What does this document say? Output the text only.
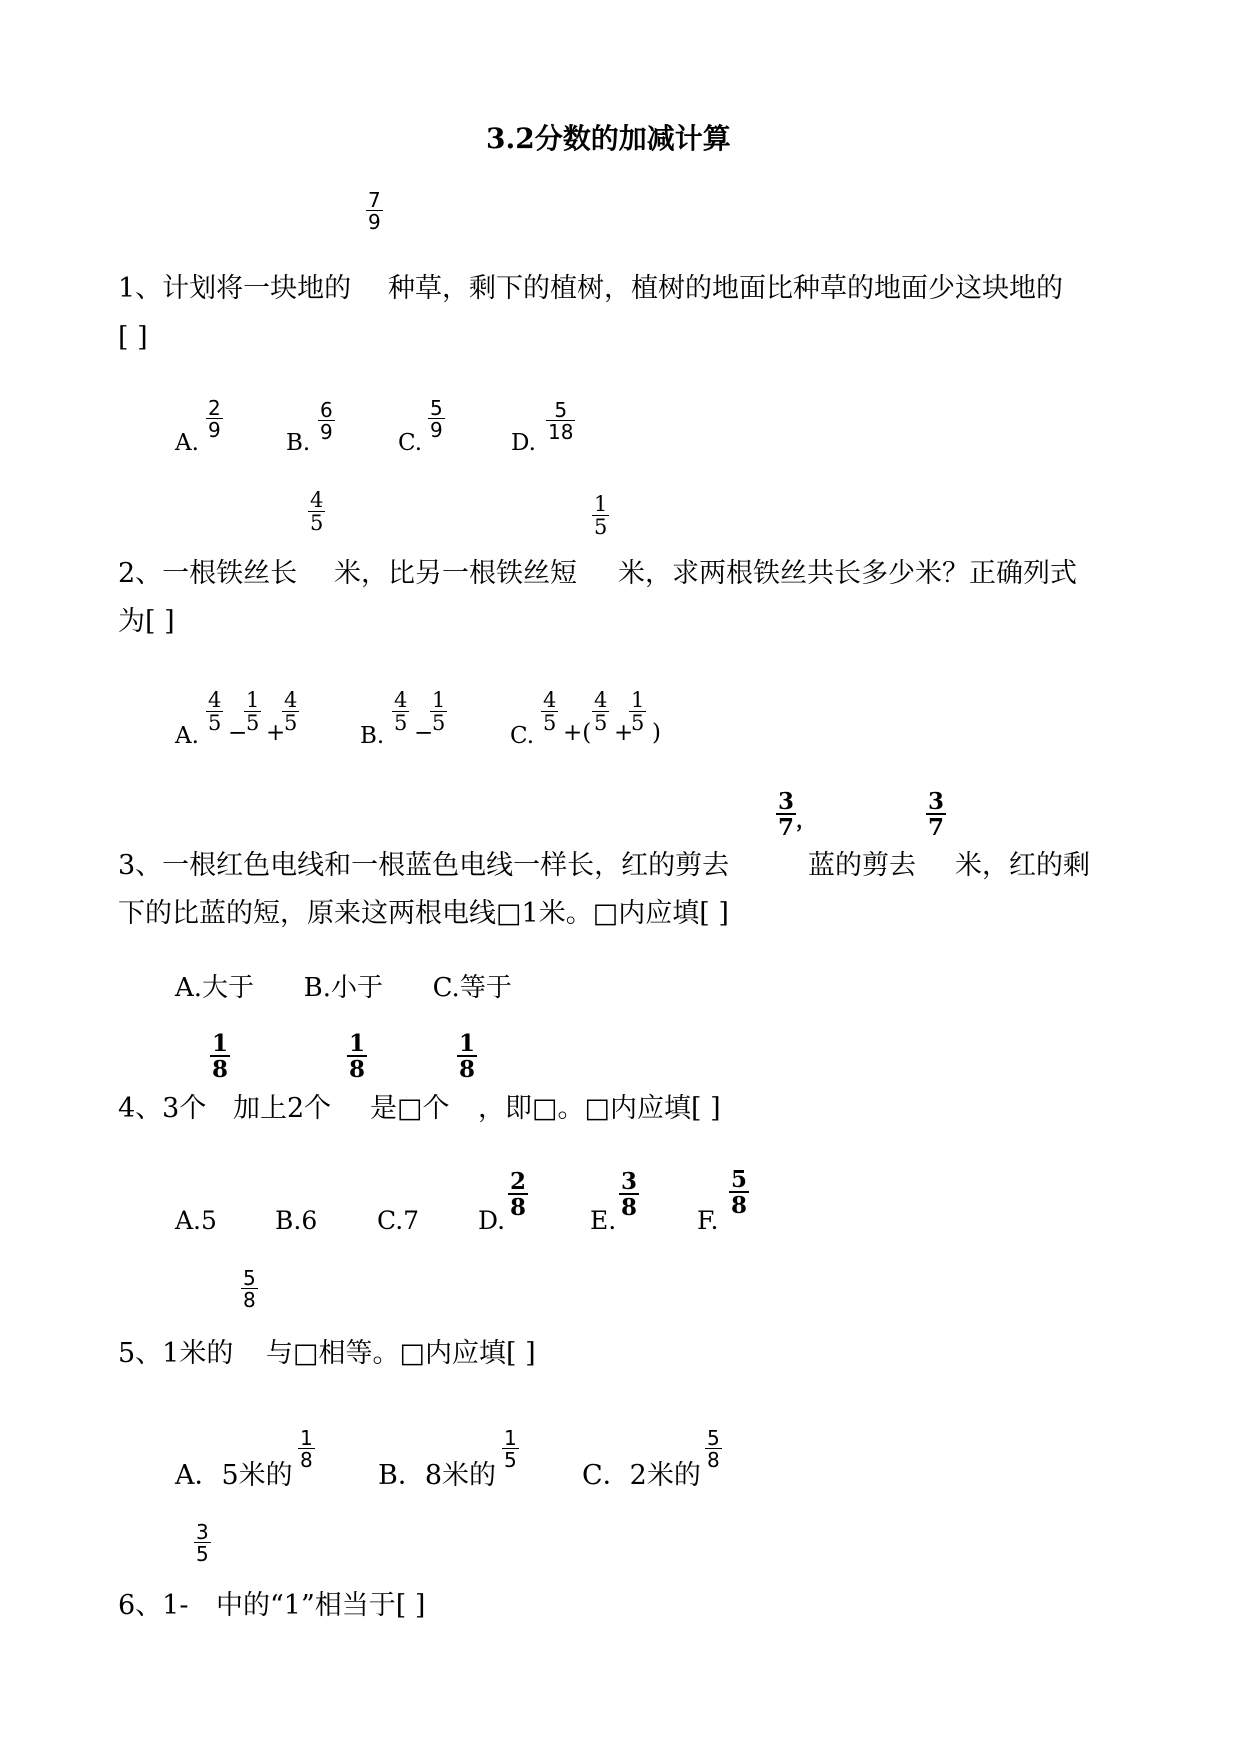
3.2分数的加减计算
$\frac{7}{9}$
1、计划将一块地的 种草，剩下的植树，植树的地面比种草的地面少这块地的
[ ]
A.
$\frac{2}{9}$
B.
$\frac{6}{9}$
C.
$\frac{5}{9}$
D.
$\frac{5}{18}$
$\frac{4}{5}$	$\frac{1}{5}$
2、一根铁丝长 米，比另一根铁丝短 米，求两根铁丝共长多少米？正确列式
为[ ]
A.
$\frac{4}{5}$ −
$\frac{1}{5}$ +
$\frac{4}{5}$
B.
$\frac{4}{5}$ −
$\frac{1}{5}$
C.
$\frac{4}{5}$ +( $\frac{4}{5}$ +
$\frac{1}{5}$ )
$\frac{3}{7}$ ，	$\frac{3}{7}$
3、一根红色电线和一根蓝色电线一样长，红的剪去	蓝的剪去 米，红的剩
下的比蓝的短，原来这两根电线□1米。□内应填[ ]
A.大于      B.小于      C.等于
$\frac{1}{8}$	$\frac{1}{8}$	$\frac{1}{8}$
4、3个 加上2个 是□个 ，即□。□内应填[ ]
A.5 B.6 C.7 D.
$\frac{2}{8}$
E.
$\frac{3}{8}$
F.
$\frac{5}{8}$
$\frac{5}{8}$
5、1米的 与□相等。□内应填[ ]
A．5米的
$\frac{1}{8}$
B．8米的
$\frac{1}{5}$
C．2米的
$\frac{5}{8}$
$\frac{3}{5}$
6、1- 中的“1”相当于[ ]
